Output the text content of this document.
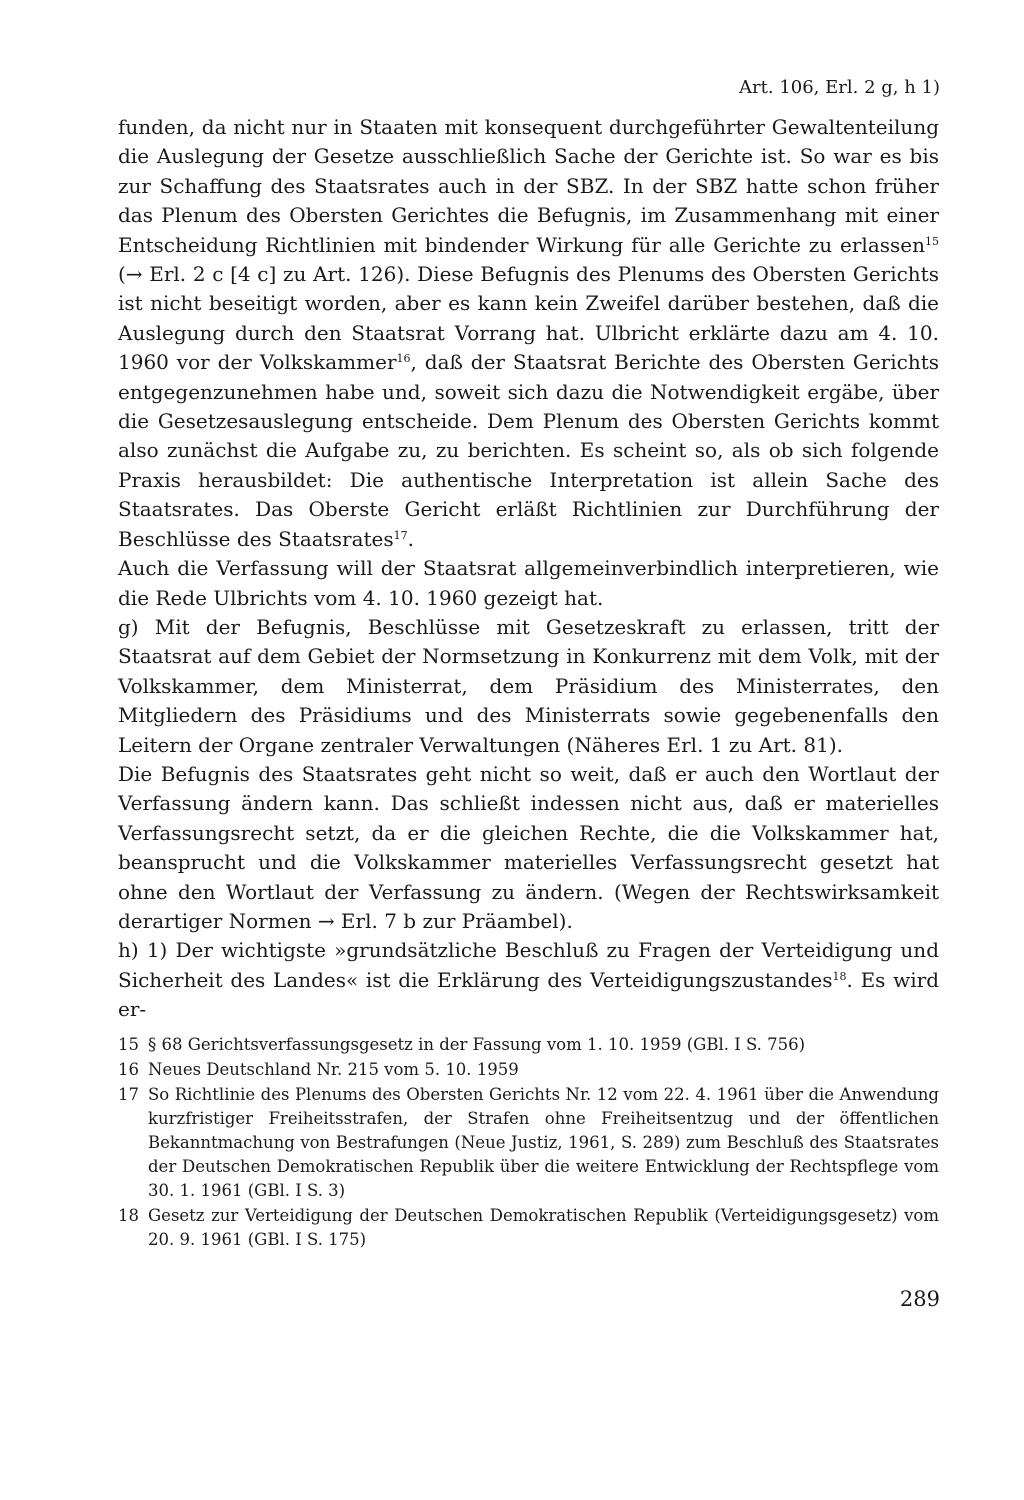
Art. 106, Erl. 2 g, h 1)

funden, da nicht nur in Staaten mit konsequent durchgeführter Gewaltenteilung die Auslegung der Gesetze ausschließlich Sache der Gerichte ist. So war es bis zur Schaffung des Staatsrates auch in der SBZ. In der SBZ hatte schon früher das Plenum des Obersten Gerichtes die Befugnis, im Zusammenhang mit einer Entscheidung Richtlinien mit bindender Wirkung für alle Gerichte zu erlassen$^{15}$ (→ Erl. 2 c [4 c] zu Art. 126). Diese Befugnis des Plenums des Obersten Gerichts ist nicht beseitigt worden, aber es kann kein Zweifel darüber bestehen, daß die Auslegung durch den Staatsrat Vorrang hat. Ulbricht erklärte dazu am 4. 10. 1960 vor der Volkskammer$^{16}$, daß der Staatsrat Berichte des Obersten Gerichts entgegenzunehmen habe und, soweit sich dazu die Notwendigkeit ergäbe, über die Gesetzesauslegung entscheide. Dem Plenum des Obersten Gerichts kommt also zunächst die Aufgabe zu, zu berichten. Es scheint so, als ob sich folgende Praxis herausbildet: Die authentische Interpretation ist allein Sache des Staatsrates. Das Oberste Gericht erläßt Richtlinien zur Durchführung der Beschlüsse des Staatsrates$^{17}$.

Auch die Verfassung will der Staatsrat allgemeinverbindlich interpretieren, wie die Rede Ulbrichts vom 4. 10. 1960 gezeigt hat.

g) Mit der Befugnis, Beschlüsse mit Gesetzeskraft zu erlassen, tritt der Staatsrat auf dem Gebiet der Normsetzung in Konkurrenz mit dem Volk, mit der Volkskammer, dem Ministerrat, dem Präsidium des Ministerrates, den Mitgliedern des Präsidiums und des Ministerrats sowie gegebenenfalls den Leitern der Organe zentraler Verwaltungen (Näheres Erl. 1 zu Art. 81).

Die Befugnis des Staatsrates geht nicht so weit, daß er auch den Wortlaut der Verfassung ändern kann. Das schließt indessen nicht aus, daß er materielles Verfassungsrecht setzt, da er die gleichen Rechte, die die Volkskammer hat, beansprucht und die Volkskammer materielles Verfassungsrecht gesetzt hat ohne den Wortlaut der Verfassung zu ändern. (Wegen der Rechtswirksamkeit derartiger Normen → Erl. 7 b zur Präambel).

h) 1) Der wichtigste »grundsätzliche Beschluß zu Fragen der Verteidigung und Sicherheit des Landes« ist die Erklärung des Verteidigungszustandes$^{18}$. Es wird er-

15 § 68 Gerichtsverfassungsgesetz in der Fassung vom 1. 10. 1959 (GBl. I S. 756)
16 Neues Deutschland Nr. 215 vom 5. 10. 1959
17 So Richtlinie des Plenums des Obersten Gerichts Nr. 12 vom 22. 4. 1961 über die Anwendung kurzfristiger Freiheitsstrafen, der Strafen ohne Freiheitsentzug und der öffentlichen Bekanntmachung von Bestrafungen (Neue Justiz, 1961, S. 289) zum Beschluß des Staatsrates der Deutschen Demokratischen Republik über die weitere Entwicklung der Rechtspflege vom 30. 1. 1961 (GBl. I S. 3)
18 Gesetz zur Verteidigung der Deutschen Demokratischen Republik (Verteidigungsgesetz) vom 20. 9. 1961 (GBl. I S. 175)
289
